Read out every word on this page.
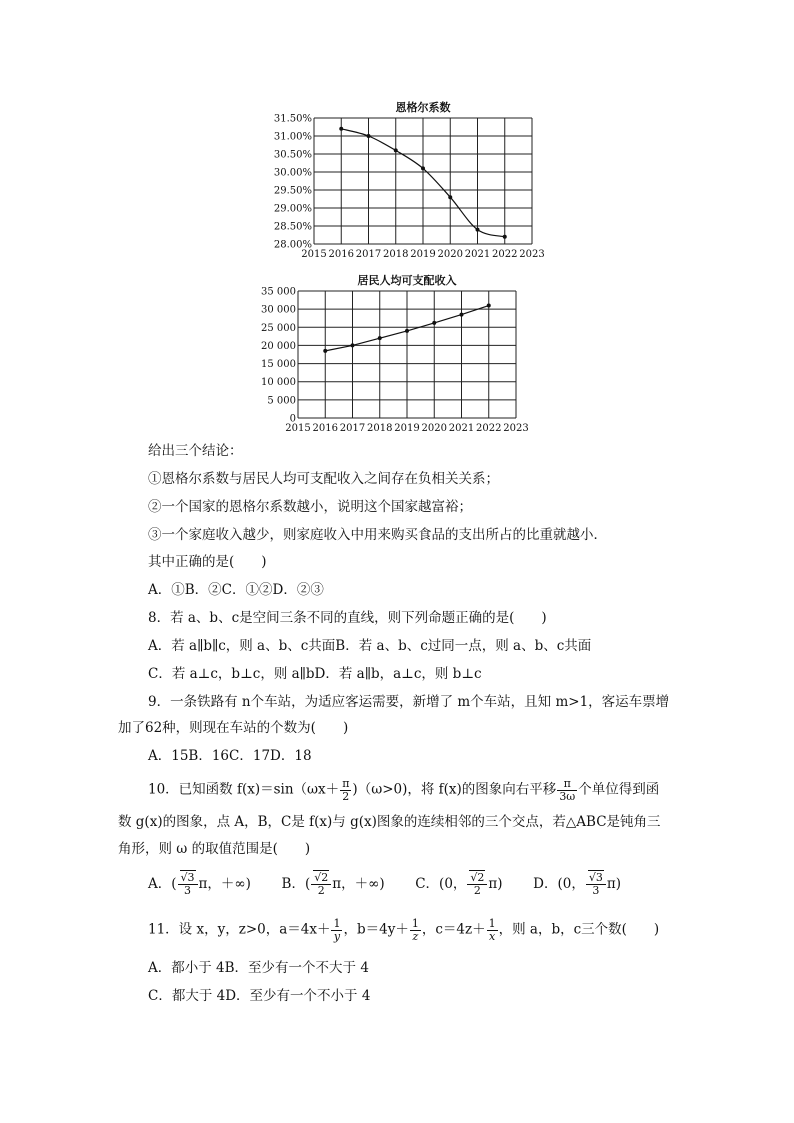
恩格尔系数
2015 2016 2017 2018 2019 2020 2021 2022 2023
28.00%
28.50%
29.00%
29.50%
30.00%
30.50%
31.00%
31.50%
居民人均可支配收入
2015 2016 2017 2018 2019 2020 2021 2022 2023
0
5 000
10 000
15 000
20 000
25 000
30 000
35 000
给出三个结论：
①恩格尔系数与居民人均可支配收入之间存在负相关关系；
②一个国家的恩格尔系数越小，说明这个国家越富裕；
③一个家庭收入越少，则家庭收入中用来购买食品的支出所占的比重就越小．
其中正确的是(　　)
A．①B．②C．①②D．②③
8．若 a、b、c是空间三条不同的直线，则下列命题正确的是(　　)
A．若 a∥b∥c，则 a、b、c共面B．若 a、b、c过同一点，则 a、b、c共面
C．若 a⊥c，b⊥c，则 a∥bD．若 a∥b，a⊥c，则 b⊥c
9．一条铁路有 n个车站，为适应客运需要，新增了 m个车站，且知 m>1，客运车票增
加了62种，则现在车站的个数为(　　)
A．15B．16C．17D．18
10．已知函数 $f(x)=\sin(\omega x+ \frac{\pi}{2} )(\omega>0)$，将 f(x)的图象向右平移 $\frac{\pi}{3\omega}$ 个单位得到函
数 g(x)的图象，点 A，B，C是 f(x)与 g(x)图象的连续相邻的三个交点，若△ABC是钝角三
角形，则 ω 的取值范围是(　　)
A．( $\frac{√3}{3}$ π，＋∞) B．( $\frac{√2}{2}$ π，＋∞) C．(0， $\frac{√2}{2} \pi$) D．(0， $\frac{√3}{3} \pi$)
11．设 x，y，z>0，$a=4x+ \frac{1}{y}$ ，$b=4y+ \frac{1}{z}$ ，$c=4z+ \frac{1}{x}$ ，则 a，b，c三个数(　　)
A．都小于 4B．至少有一个不大于 4
C．都大于 4D．至少有一个不小于 4
